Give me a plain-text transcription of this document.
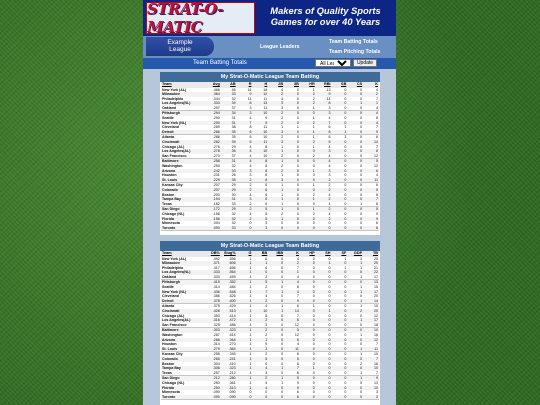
STRAT-O-MATIC
Makers of Quality Sports Games for over 40 Years
Example
League	League Leaders
Team Batting Totals
Team Pitching Totals
Team Batting Totals
All Leaders	Update
My Strat-O-Matic League Team Batting
Team	Avg	AB	R	H	2B	3B	HR	RBI	SB	CS	K
New York (AL)	.466	45	14	18	4	0	1	13	0	0	4
Milwaukee	.364	33	9	12	2	0	2	9	0	0	2
Philadelphia	.344	32	11	11	4	0	2	11	0	0	7
Los Angeles(NL)	.333	39	8	13	3	0	2	8	0	1	1
Oakland	.297	37	3	11	3	0	1	3	0	0	4
Pittsburgh	.294	34	3	10	2	0	0	3	0	0	4
Seattle	.290	31	4	9	2	0	1	4	0	0	8
New York (NL)	.290	31	7	9	2	0	2	7	0	0	4
Cleveland	.289	38	8	11	1	1	1	6	1	0	7
Detroit	.286	35	6	10	3	0	1	6	1	0	9
Atlanta	.286	35	6	10	2	0	1	6	3	0	6
Cincinnati	.282	39	5	11	3	0	2	5	0	0	14
Chicago (AL)	.276	29	4	8	1	0	1	4	0	0	7
Los Angeles(AL)	.278	36	4	10	1	0	0	3	0	0	6
San Francisco	.270	37	4	10	2	0	2	4	0	0	12
Baltimore	.258	31	4	8	1	0	0	4	0	0	5
Washington	.250	32	4	8	2	0	0	4	0	0	12
Arizona	.242	33	3	8	2	0	1	3	0	0	6
Houston	.231	26	3	6	1	0	0	3	0	0	4
St. Louis	.229	35	2	8	3	0	0	2	0	0	11
Kansas City	.207	29	2	6	1	0	1	2	0	0	6
Colorado	.207	29	2	6	1	0	0	2	0	0	5
Boston	.200	30	4	6	1	0	2	4	0	0	6
Tampa Bay	.194	31	3	6	1	0	1	2	0	0	7
Texas	.182	33	2	6	1	0	0	1	0	1	6
San Diego	.172	29	2	5	1	0	1	2	0	0	5
Chicago (NL)	.156	32	4	5	2	0	2	4	0	0	9
Florida	.156	32	2	5	1	0	0	2	0	0	9
Minnesota	.094	32	0	3	0	0	0	0	0	0	6
Toronto	.090	33	0	3	0	0	0	0	0	0	6
My Strat-O-Matic League Team Batting
Team	OB%	Slug%	G	BB	IBB	K	HP	SH	SF	GDP	TB
New York (AL)	.492	.556	1	6	0	4	0	0	1	3	25
Milwaukee	.371	.606	1	1	0	2	0	1	0	1	20
Philadelphia	.417	.656	1	6	0	7	0	0	1	1	21
Los Angeles(NL)	.333	.564	1	0	0	1	0	0	0	0	22
Oakland	.333	.459	1	2	0	4	0	0	0	1	17
Pittsburgh	.415	.352	1	5	1	4	0	0	0	0	13
Seattle	.314	.484	1	2	0	8	0	0	0	1	15
New York (NL)	.436	.548	1	7	1	4	0	0	0	1	17
Cleveland	.386	.526	1	4	0	7	0	0	0	0	20
Detroit	.378	.400	1	2	0	9	0	0	0	1	14
Atlanta	.375	.429	1	4	1	6	1	0	0	1	15
Cincinnati	.428	.513	1	10	1	14	0	1	0	2	20
Chicago (AL)	.353	.414	1	5	0	7	0	0	0	0	12
Los Angeles(AL)	.316	.472	1	2	0	6	0	0	0	1	17
San Francisco	.325	.486	1	3	0	12	0	0	0	0	18
Baltimore	.303	.323	1	2	0	5	0	0	0	0	10
Washington	.287	.514	1	2	0	12	0	0	0	1	18
Arizona	.266	.364	1	1	0	6	0	0	0	0	12
Houston	.314	.270	1	9	0	4	0	0	0	0	7
St. Louis	.279	.364	1	3	0	11	0	0	0	1	11
Kansas City	.256	.345	1	2	0	6	0	0	0	1	10
Colorado	.265	.241	1	5	0	5	0	0	0	0	7
Boston	.304	.410	1	6	0	6	0	0	0	2	16
Tampa Bay	.306	.323	1	4	1	7	1	0	0	0	10
Texas	.257	.212	1	3	0	6	0	0	0	1	7
San Diego	.212	.280	1	2	1	5	0	0	0	1	9
Chicago (NL)	.250	.361	1	4	1	9	0	0	0	0	13
Florida	.250	.313	1	4	0	9	0	0	0	0	10
Minnesota	.090	.090	0	0	0	6	0	0	0	0	3
Toronto	.090	.090	0	0	0	6	0	0	0	0	3
